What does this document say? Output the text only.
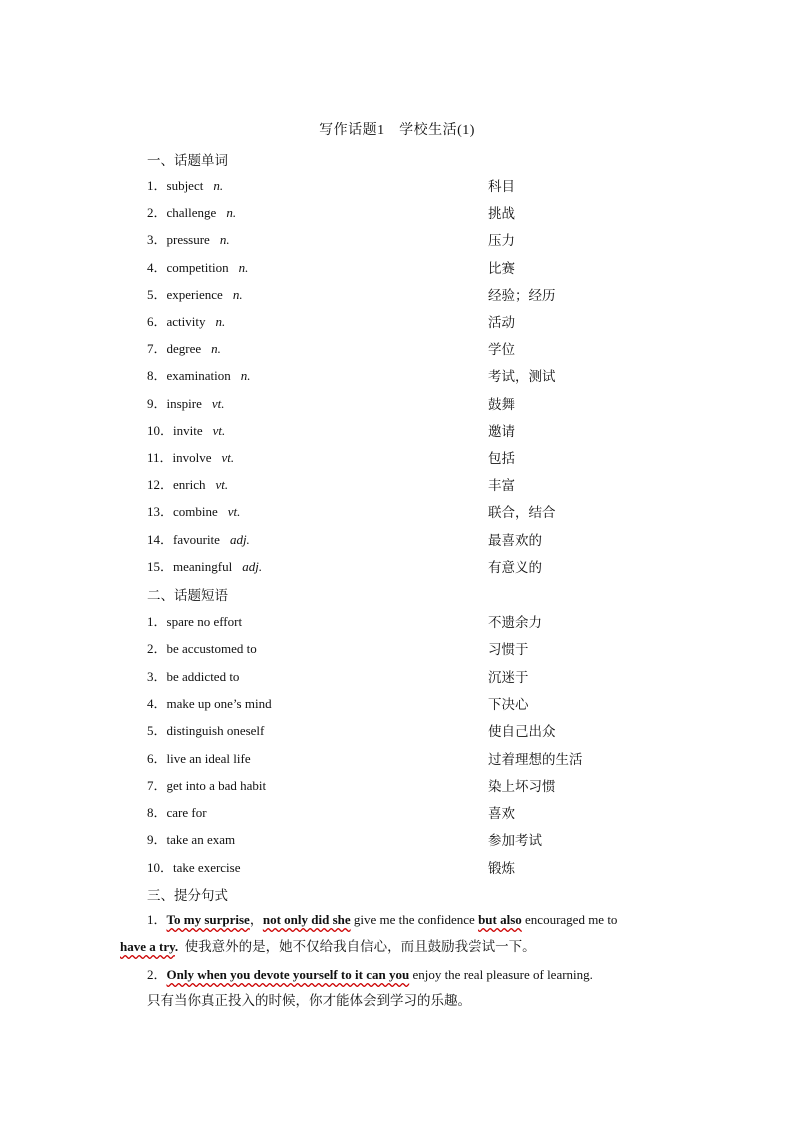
写作话题1　学校生活(1)
一、话题单词
1．subject n.	科目
2．challenge n.	挑战
3．pressure n.	压力
4．competition n.	比赛
5．experience n.	经验；经历
6．activity n.	活动
7．degree n.	学位
8．examination n.	考试，测试
9．inspire vt.	鼓舞
10．invite vt.	邀请
11．involve vt.	包括
12．enrich vt.	丰富
13．combine vt.	联合，结合
14．favourite adj.	最喜欢的
15．meaningful adj.	有意义的
二、话题短语
1．spare no effort	不遗余力
2．be accustomed to	习惯于
3．be addicted to	沉迷于
4．make up one’s mind	下决心
5．distinguish oneself	使自己出众
6．live an ideal life	过着理想的生活
7．get into a bad habit	染上坏习惯
8．care for	喜欢
9．take an exam	参加考试
10．take exercise	锻炼
三、提分句式
1．To my surprise，not only did she give me the confidence but also encouraged me to
have a try. 使我意外的是，她不仅给我自信心，而且鼓励我尝试一下。
2．Only when you devote yourself to it can you enjoy the real pleasure of learning.
只有当你真正投入的时候，你才能体会到学习的乐趣。
